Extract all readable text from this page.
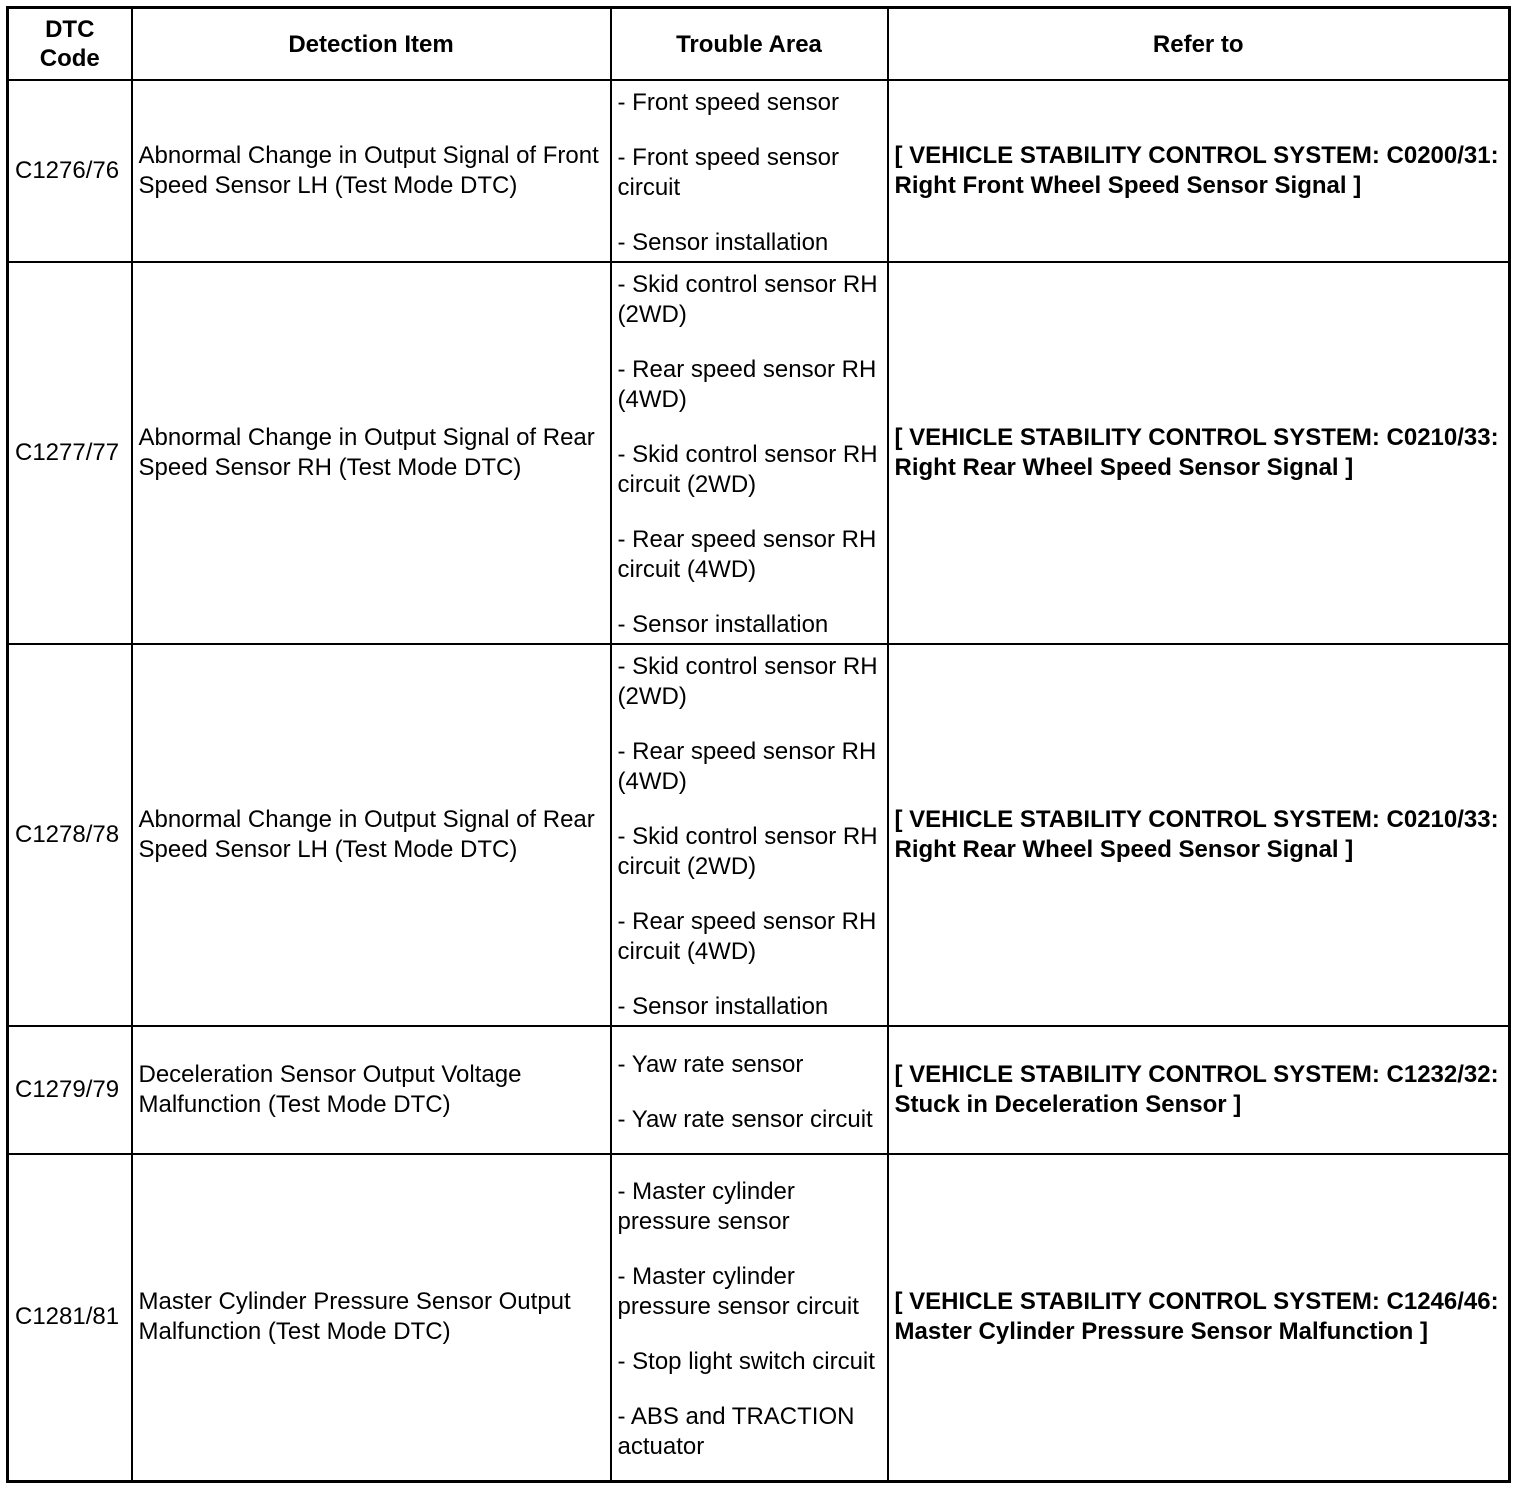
DTC Code	Detection Item	Trouble Area	Refer to
C1276/76	Abnormal Change in Output Signal of Front Speed Sensor LH (Test Mode DTC)	- Front speed sensor
- Front speed sensor circuit
- Sensor installation	[ VEHICLE STABILITY CONTROL SYSTEM: C0200/31: Right Front Wheel Speed Sensor Signal ]
C1277/77	Abnormal Change in Output Signal of Rear Speed Sensor RH (Test Mode DTC)	- Skid control sensor RH (2WD)
- Rear speed sensor RH (4WD)
- Skid control sensor RH circuit (2WD)
- Rear speed sensor RH circuit (4WD)
- Sensor installation	[ VEHICLE STABILITY CONTROL SYSTEM: C0210/33: Right Rear Wheel Speed Sensor Signal ]
C1278/78	Abnormal Change in Output Signal of Rear Speed Sensor LH (Test Mode DTC)	- Skid control sensor RH (2WD)
- Rear speed sensor RH (4WD)
- Skid control sensor RH circuit (2WD)
- Rear speed sensor RH circuit (4WD)
- Sensor installation	[ VEHICLE STABILITY CONTROL SYSTEM: C0210/33: Right Rear Wheel Speed Sensor Signal ]
C1279/79	Deceleration Sensor Output Voltage Malfunction (Test Mode DTC)	- Yaw rate sensor
- Yaw rate sensor circuit	[ VEHICLE STABILITY CONTROL SYSTEM: C1232/32: Stuck in Deceleration Sensor ]
C1281/81	Master Cylinder Pressure Sensor Output Malfunction (Test Mode DTC)	- Master cylinder pressure sensor
- Master cylinder pressure sensor circuit
- Stop light switch circuit
- ABS and TRACTION actuator	[ VEHICLE STABILITY CONTROL SYSTEM: C1246/46: Master Cylinder Pressure Sensor Malfunction ]
